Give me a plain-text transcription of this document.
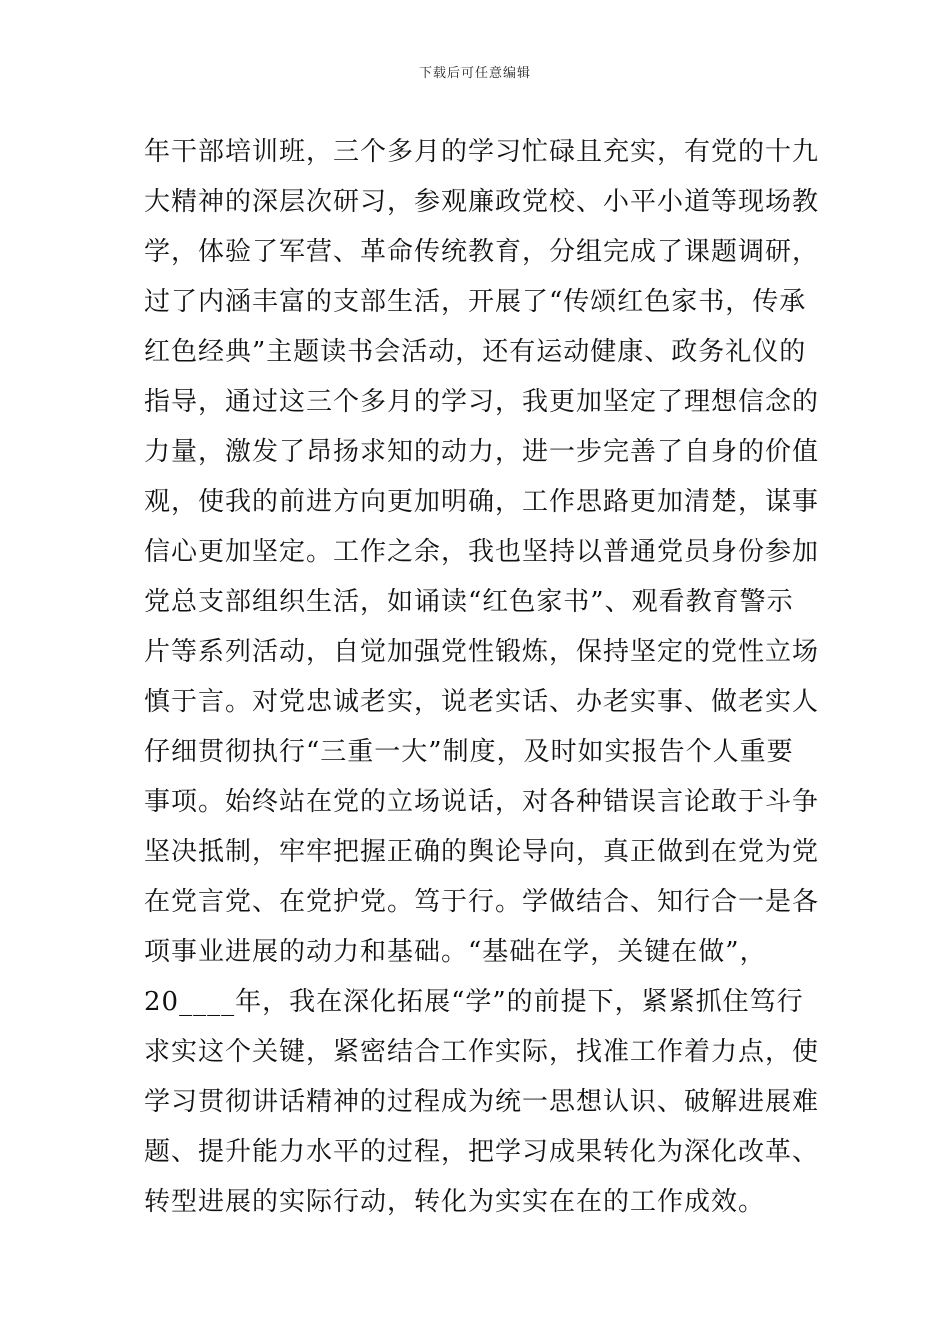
下载后可任意编辑
年干部培训班，三个多月的学习忙碌且充实，有党的十九
大精神的深层次研习，参观廉政党校、小平小道等现场教
学，体验了军营、革命传统教育，分组完成了课题调研，
过了内涵丰富的支部生活，开展了“传颂红色家书，传承
红色经典”主题读书会活动，还有运动健康、政务礼仪的
指导，通过这三个多月的学习，我更加坚定了理想信念的
力量，激发了昂扬求知的动力，进一步完善了自身的价值
观，使我的前进方向更加明确，工作思路更加清楚，谋事
信心更加坚定。工作之余，我也坚持以普通党员身份参加
党总支部组织生活，如诵读“红色家书”、观看教育警示
片等系列活动，自觉加强党性锻炼，保持坚定的党性立场
慎于言。对党忠诚老实，说老实话、办老实事、做老实人
仔细贯彻执行“三重一大”制度，及时如实报告个人重要
事项。始终站在党的立场说话，对各种错误言论敢于斗争
坚决抵制，牢牢把握正确的舆论导向，真正做到在党为党
在党言党、在党护党。笃于行。学做结合、知行合一是各
项事业进展的动力和基础。“基础在学，关键在做”，
20____年，我在深化拓展“学”的前提下，紧紧抓住笃行
求实这个关键，紧密结合工作实际，找准工作着力点，使
学习贯彻讲话精神的过程成为统一思想认识、破解进展难
题、提升能力水平的过程，把学习成果转化为深化改革、
转型进展的实际行动，转化为实实在在的工作成效。
